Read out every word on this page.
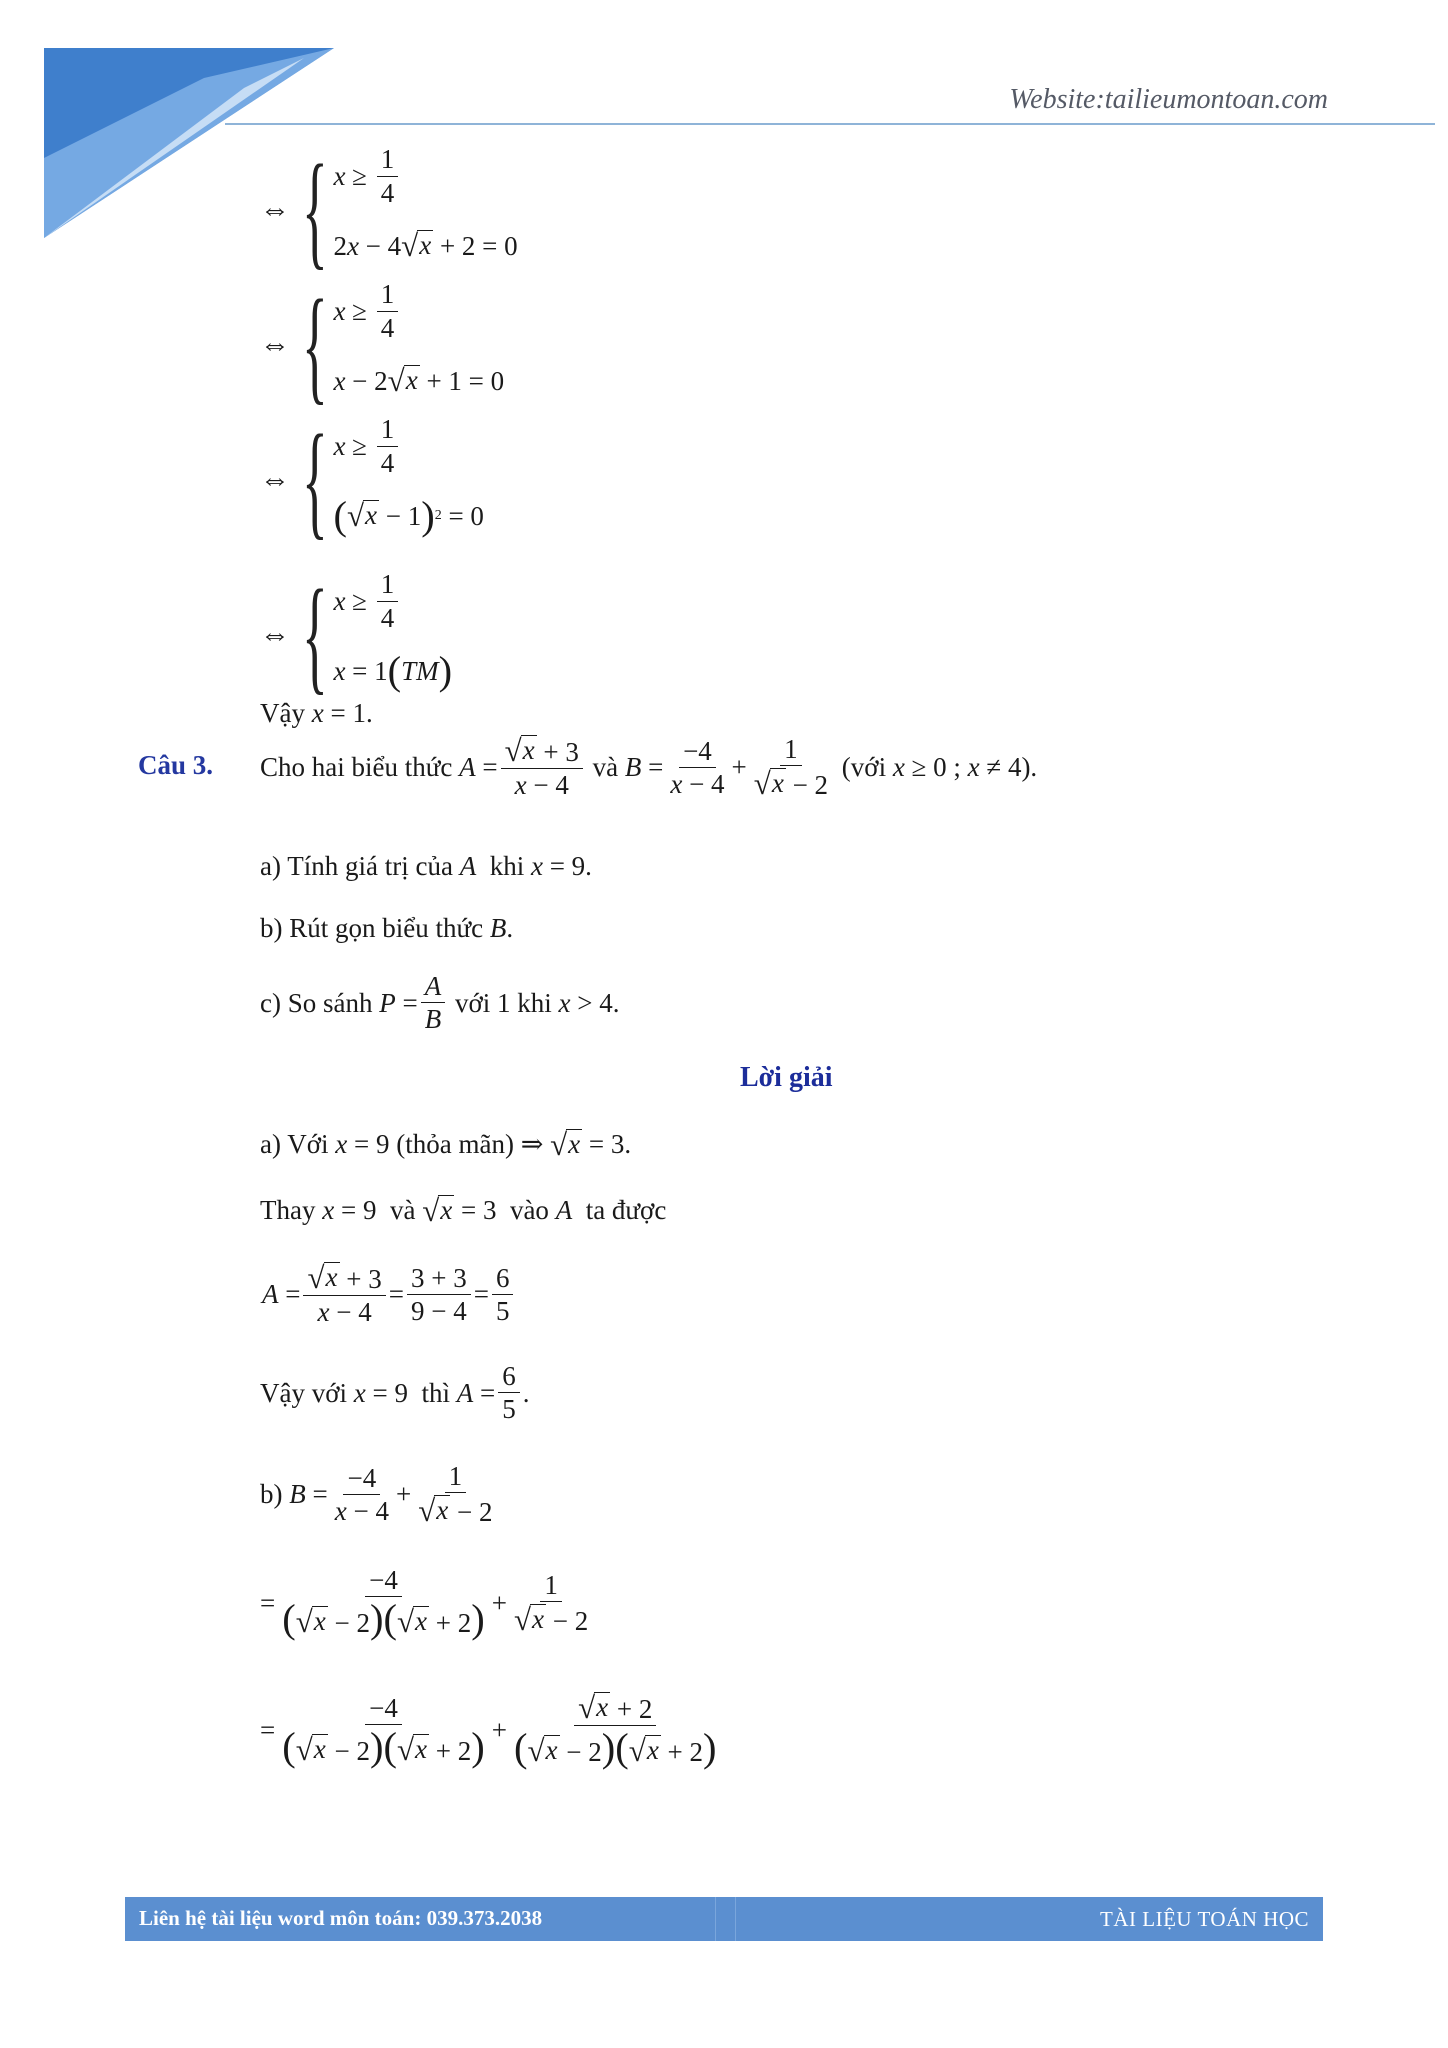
Website:tailieumontoan.com
⇔ { $x \ge \frac{1}{4}$
2 x − 4 √ x + 2 = 0
⇔ { $x \ge \frac{1}{4}$
x − 2 √ x + 1 = 0
⇔ { $x \ge \frac{1}{4}$
( √ x − 1 ) 2 = 0
⇔ { $x \ge \frac{1}{4}$
x = 1 ( TM )
Vậy x = 1.
Câu 3. Cho hai biểu thức
$A = \frac{√ x + 3}{x - 4}$
và
$B = \frac{-4}{x - 4} + \frac{1}{√ x - 2}$
(với
x ≥ 0 ; x ≠ 4).
a) Tính giá trị của A khi x = 9.
b) Rút gọn biểu thức B.
c) So sánh
$P = \frac{A}{B}$
với 1 khi
x > 4.
Lời giải
a) Với
x = 9 (thỏa mãn) ⇒ √ x = 3.
Thay
x = 9 và
√ x = 3 vào
A
ta được
$A = \frac{√ x + 3}{x - 4} = \frac{3 + 3}{9 - 4} = \frac{6}{5}$
Vậy với
x = 9 thì
$A = \frac{6}{5}$ .
b)
$B = \frac{-4}{x - 4} + \frac{1}{√ x - 2}$
= $\frac{-4}{( √ x - 2)( √ x + 2)} + \frac{1}{√ x - 2}$
= $\frac{-4}{( √ x - 2)( √ x + 2)} + \frac{√ x + 2}{( √ x - 2)( √ x + 2)}$
Liên hệ tài liệu word môn toán: 039.373.2038	TÀI LIỆU TOÁN HỌC
